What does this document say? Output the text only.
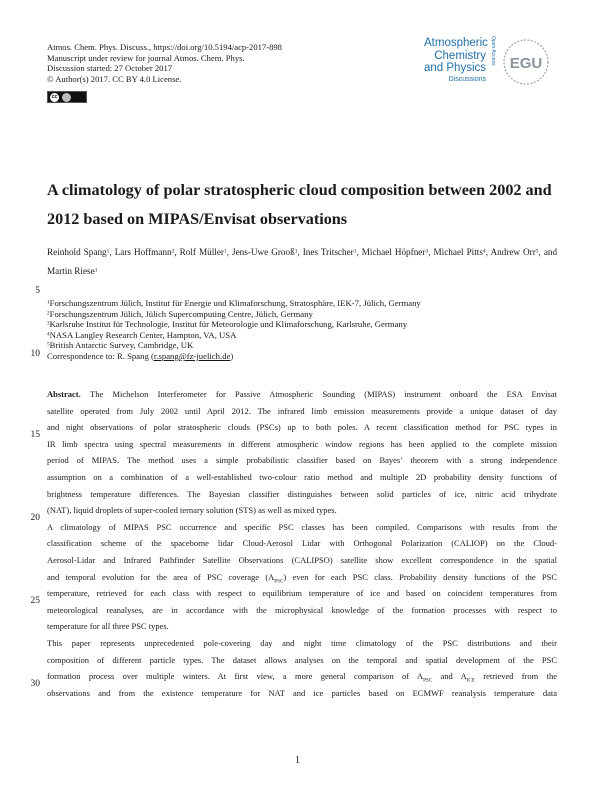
Atmos. Chem. Phys. Discuss., https://doi.org/10.5194/acp-2017-898
Manuscript under review for journal Atmos. Chem. Phys.
Discussion started: 27 October 2017
© Author(s) 2017. CC BY 4.0 License.
cc
Atmospheric
Chemistry
and Physics
Discussions
Open Access EGU
A climatology of polar stratospheric cloud composition between 2002 and 2012 based on MIPAS/Envisat observations
Reinhold Spang$^1$, Lars Hoffmann$^2$, Rolf Müller$^1$, Jens-Uwe Grooß$^1$, Ines Tritscher$^1$, Michael Höpfner$^3$, Michael Pitts$^4$, Andrew Orr$^5$, and Martin Riese$^1$
$^1$Forschungszentrum Jülich, Institut für Energie und Klimaforschung, Stratosphäre, IEK-7, Jülich, Germany
$^2$Forschungszentrum Jülich, Jülich Supercomputing Centre, Jülich, Germany
$^3$Karlsruhe Institut für Technologie, Institut für Meteorologie und Klimaforschung, Karlsruhe, Germany
$^4$NASA Langley Research Center, Hampton, VA, USA
$^5$British Antarctic Survey, Cambridge, UK
Correspondence to: R. Spang (r.spang@fz-juelich.de)
Abstract. The Michelson Interferometer for Passive Atmospheric Sounding (MIPAS) instrument onboard the ESA Envisat
satellite operated from July 2002 until April 2012. The infrared limb emission measurements provide a unique dataset of day
and night observations of polar stratospheric clouds (PSCs) up to both poles. A recent classification method for PSC types in
IR limb spectra using spectral measurements in different atmospheric window regions has been applied to the complete mission
period of MIPAS. The method uses a simple probabilistic classifier based on Bayes’ theorem with a strong independence
assumption on a combination of a well-established two-colour ratio method and multiple 2D probability density functions of
brightness temperature differences. The Bayesian classifier distinguishes between solid particles of ice, nitric acid trihydrate
(NAT), liquid droplets of super-cooled ternary solution (STS) as well as mixed types.
A climatology of MIPAS PSC occurrence and specific PSC classes has been compiled. Comparisons with results from the
classification scheme of the spaceborne lidar Cloud-Aerosol Lidar with Orthogonal Polarization (CALIOP) on the Cloud-
Aerosol-Lidar and Infrared Pathfinder Satellite Observations (CALIPSO) satellite show excellent correspondence in the spatial
and temporal evolution for the area of PSC coverage $(A_{PSC})$ even for each PSC class. Probability density functions of the PSC
temperature, retrieved for each class with respect to equilibrium temperature of ice and based on coincident temperatures from
meteorological reanalyses, are in accordance with the microphysical knowledge of the formation processes with respect to
temperature for all three PSC types.
This paper represents unprecedented pole-covering day and night time climatology of the PSC distributions and their
composition of different particle types. The dataset allows analyses on the temporal and spatial development of the PSC
formation process over multiple winters. At first view, a more general comparison of $A_{PSC}$ and $A_{ICE}$ retrieved from the
observations and from the existence temperature for NAT and ice particles based on ECMWF reanalysis temperature data
5
10
15
20
25
30
1
